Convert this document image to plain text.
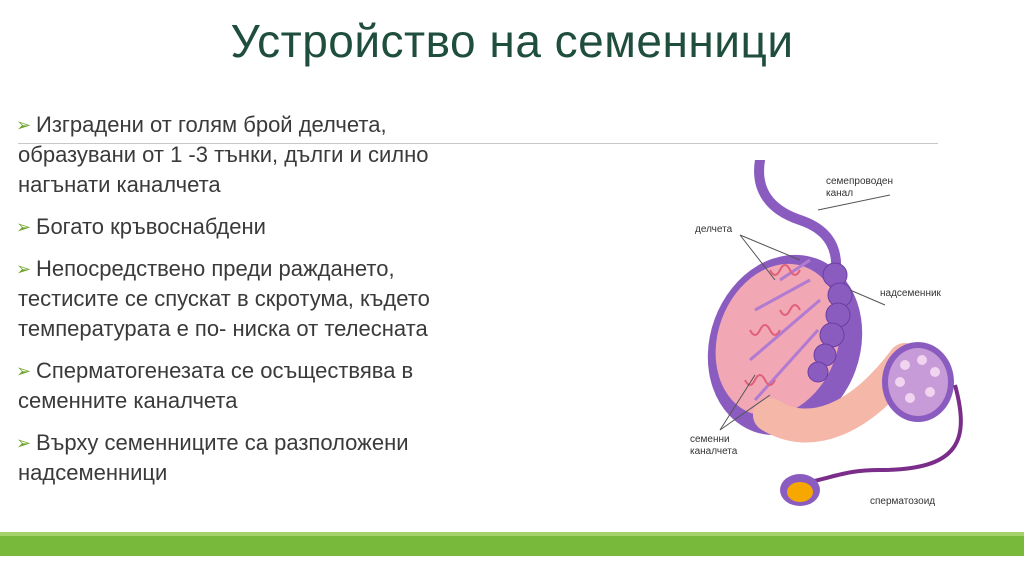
Устройство на семенници
➢ Изградени от голям брой делчета,
образувани от 1 -3 тънки, дълги и силно
нагънати каналчета
➢ Богато кръвоснабдени
➢ Непосредствено преди раждането,
тестисите се спускат в скротума, където
температурата е по- ниска от телесната
➢ Сперматогенезата се осъществява в
семенните каналчета
➢ Върху семенниците са разположени
надсеменници
семепроводен
канал
делчета
надсеменник
семенни
каналчета
сперматозоид
